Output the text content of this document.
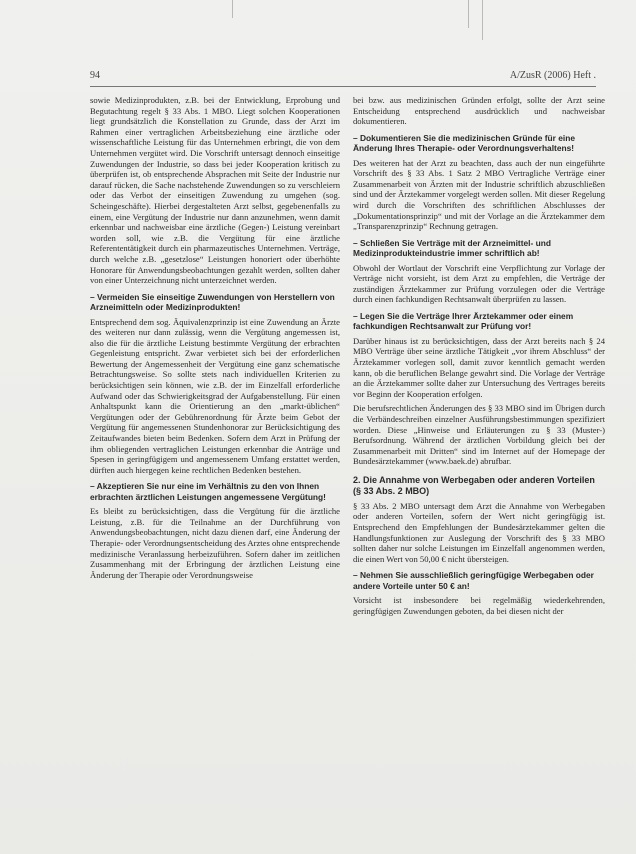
94	A/ZusR (2006) Heft .

sowie Medizinprodukten, z.B. bei der Entwicklung, Erprobung und Begutachtung regelt § 33 Abs. 1 MBO. Liegt solchen Kooperationen liegt grundsätzlich die Konstellation zu Grunde, dass der Arzt im Rahmen einer vertraglichen Arbeitsbeziehung eine ärztliche oder wissenschaftliche Leistung für das Unternehmen erbringt, die von dem Unternehmen vergütet wird. Die Vorschrift untersagt dennoch einseitige Zuwendungen der Industrie, so dass bei jeder Kooperation kritisch zu überprüfen ist, ob entsprechende Absprachen mit Seite der Industrie nur darauf rücken, die Sache nachstehende Zuwendungen so zu verschleiern oder das Verbot der einseitigen Zuwendung zu umgehen (sog. Scheingeschäfte). Hierbei dergestalteten Arzt selbst, gegebenenfalls zu einem, eine Vergütung der Industrie nur dann anzunehmen, wenn damit erkennbar und nachweisbar eine ärztliche (Gegen-) Leistung vereinbart worden soll, wie z.B. die Vergütung für eine ärztliche Referententätigkeit durch ein pharmazeutisches Unternehmen. Verträge, durch welche z.B. „gesetzlose“ Leistungen honoriert oder überhöhte Honorare für Anwendungsbeobachtungen gezahlt werden, sollten daher von einer Unterzeichnung nicht unterzeichnet werden.

– Vermeiden Sie einseitige Zuwendungen von Herstellern von Arzneimitteln oder Medizinprodukten!

Entsprechend dem sog. Äquivalenzprinzip ist eine Zuwendung an Ärzte des weiteren nur dann zulässig, wenn die Vergütung angemessen ist, also die für die ärztliche Leistung bestimmte Vergütung der erbrachten Gegenleistung entspricht. Zwar verbietet sich bei der erforderlichen Bewertung der Angemessenheit der Vergütung eine ganz schematische Betrachtungsweise. So sollte stets nach individuellen Kriterien zu berücksichtigen sein können, wie z.B. der im Einzelfall erforderliche Aufwand oder das Schwierigkeitsgrad der Aufgabenstellung. Für einen Anhaltspunkt kann die Orientierung an den „markt-üblichen“ Vergütungen oder der Gebührenordnung für Ärzte beim Gebot der Vergütung für angemessenen Stundenhonorar zur Berücksichtigung des Zeitaufwandes bieten beim Bedenken. Sofern dem Arzt in Prüfung der ihm obliegenden vertraglichen Leistungen erkennbar die Anträge und Spesen in geringfügigem und angemessenem Umfang erstattet werden, dürften auch hiergegen keine rechtlichen Bedenken bestehen.

– Akzeptieren Sie nur eine im Verhältnis zu den von Ihnen erbrachten ärztlichen Leistungen angemessene Vergütung!

Es bleibt zu berücksichtigen, dass die Vergütung für die ärztliche Leistung, z.B. für die Teilnahme an der Durchführung von Anwendungsbeobachtungen, nicht dazu dienen darf, eine Änderung der Therapie- oder Verordnungsentscheidung des Arztes ohne entsprechende medizinische Veranlassung herbeizuführen. Sofern daher im zeitlichen Zusammenhang mit der Erbringung der ärztlichen Leistung eine Änderung der Therapie oder Verordnungsweise

bei bzw. aus medizinischen Gründen erfolgt, sollte der Arzt seine Entscheidung entsprechend ausdrücklich und nachweisbar dokumentieren.

– Dokumentieren Sie die medizinischen Gründe für eine Änderung Ihres Therapie- oder Verordnungsverhaltens!

Des weiteren hat der Arzt zu beachten, dass auch der nun eingeführte Vorschrift des § 33 Abs. 1 Satz 2 MBO Vertragliche Verträge einer Zusammenarbeit von Ärzten mit der Industrie schriftlich abzuschließen sind und der Ärztekammer vorgelegt werden sollen. Mit dieser Regelung wird durch die Vorschriften des schriftlichen Abschlusses der „Dokumentationsprinzip“ und mit der Vorlage an die Ärztekammer dem „Transparenzprinzip“ Rechnung getragen.

– Schließen Sie Verträge mit der Arzneimittel- und Medizinprodukteindustrie immer schriftlich ab!

Obwohl der Wortlaut der Vorschrift eine Verpflichtung zur Vorlage der Verträge nicht vorsieht, ist dem Arzt zu empfehlen, die Verträge der zuständigen Ärztekammer zur Prüfung vorzulegen oder die Verträge durch einen fachkundigen Rechtsanwalt überprüfen zu lassen.

– Legen Sie die Verträge Ihrer Ärztekammer oder einem fachkundigen Rechtsanwalt zur Prüfung vor!

Darüber hinaus ist zu berücksichtigen, dass der Arzt bereits nach § 24 MBO Verträge über seine ärztliche Tätigkeit „vor ihrem Abschluss“ der Ärztekammer vorlegen soll, damit zuvor kenntlich gemacht werden kann, ob die beruflichen Belange gewahrt sind. Die Vorlage der Verträge an die Ärztekammer sollte daher zur Untersuchung des Vertrages bereits vor Beginn der Kooperation erfolgen.

Die berufsrechtlichen Änderungen des § 33 MBO sind im Übrigen durch die Verbändeschreiben einzelner Ausführungsbestimmungen spezifiziert worden. Diese „Hinweise und Erläuterungen zu § 33 (Muster-) Berufsordnung. Während der ärztlichen Vorbildung gleich bei der Zusammenarbeit mit Dritten“ sind im Internet auf der Homepage der Bundesärztekammer (www.baek.de) abrufbar.

2. Die Annahme von Werbegaben oder anderen Vorteilen (§ 33 Abs. 2 MBO)

§ 33 Abs. 2 MBO untersagt dem Arzt die Annahme von Werbegaben oder anderen Vorteilen, sofern der Wert nicht geringfügig ist. Entsprechend den Empfehlungen der Bundesärztekammer gelten die Handlungsfunktionen zur Auslegung der Vorschrift des § 33 MBO sollten daher nur solche Leistungen im Einzelfall angenommen werden, die einen Wert von 50,00 € nicht übersteigen.

– Nehmen Sie ausschließlich geringfügige Werbegaben oder andere Vorteile unter 50 € an!

Vorsicht ist insbesondere bei regelmäßig wiederkehrenden, geringfügigen Zuwendungen geboten, da bei diesen nicht der
